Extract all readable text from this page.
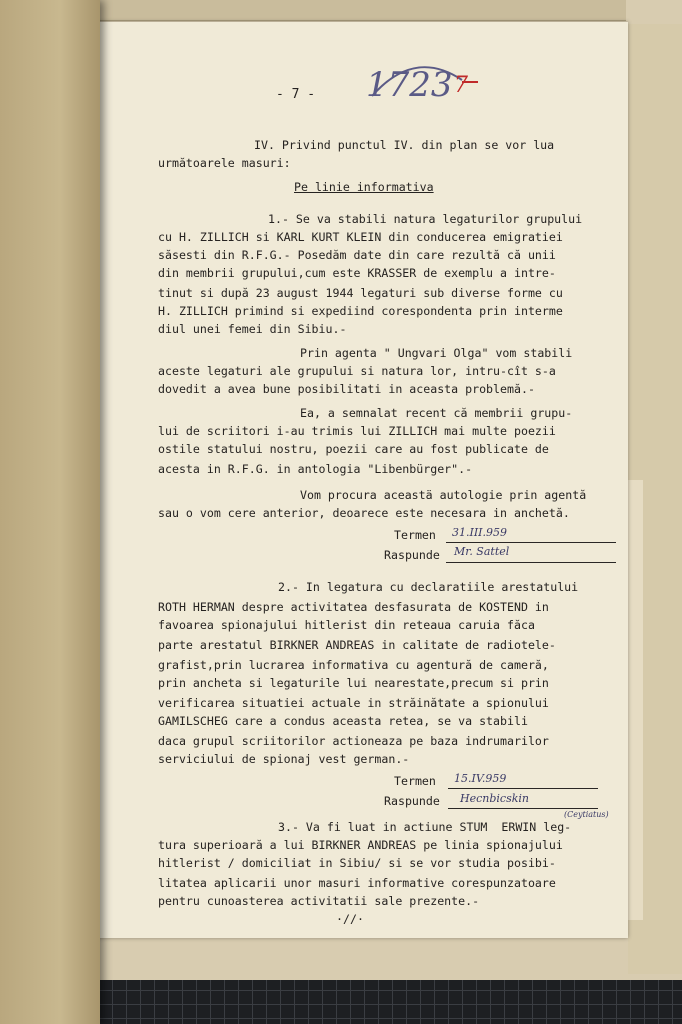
- 7 -
IV. Privind punctul IV. din plan se vor lua
următoarele masuri:
Pe linie informativa
1.- Se va stabili natura legaturilor grupului
cu H. ZILLICH si KARL KURT KLEIN din conducerea emigratiei
săsesti din R.F.G.- Posedăm date din care rezultă că unii
din membrii grupului,cum este KRASSER de exemplu a intre-
tinut si după 23 august 1944 legaturi sub diverse forme cu
H. ZILLICH primind si expediind corespondenta prin interme
diul unei femei din Sibiu.-
Prin agenta " Ungvari Olga" vom stabili
aceste legaturi ale grupului si natura lor, intru-cît s-a
dovedit a avea bune posibilitati in aceasta problemă.-
Ea, a semnalat recent că membrii grupu-
lui de scriitori i-au trimis lui ZILLICH mai multe poezii
ostile statului nostru, poezii care au fost publicate de
acesta in R.F.G. in antologia "Libenbürger".-
Vom procura aceastä autologie prin agentă
sau o vom cere anterior, deoarece este necesara in anchetă.
Termen 31.III.959
Raspunde Mr. Sattel
2.- In legatura cu declaratiile arestatului
ROTH HERMAN despre activitatea desfasurata de KOSTEND in
favoarea spionajului hitlerist din reteaua caruia făca
parte arestatul BIRKNER ANDREAS in calitate de radiotele-
grafist,prin lucrarea informativa cu agentură de cameră,
prin ancheta si legaturile lui nearestate,precum si prin
verificarea situatiei actuale in străinătate a spionului
GAMILSCHEG care a condus aceasta retea, se va stabili
daca grupul scriitorilor actioneaza pe baza indrumarilor
serviciului de spionaj vest german.-
Termen 15.IV.959
Raspunde Hecnbicskin
(Ceytiatus)
3.- Va fi luat in actiune STUM  ERWIN leg-
tura superioară a lui BIRKNER ANDREAS pe linia spionajului
hitlerist / domiciliat in Sibiu/ si se vor studia posibi-
litatea aplicarii unor masuri informative corespunzatoare
pentru cunoasterea activitatii sale prezente.-
·//·
1723 7
